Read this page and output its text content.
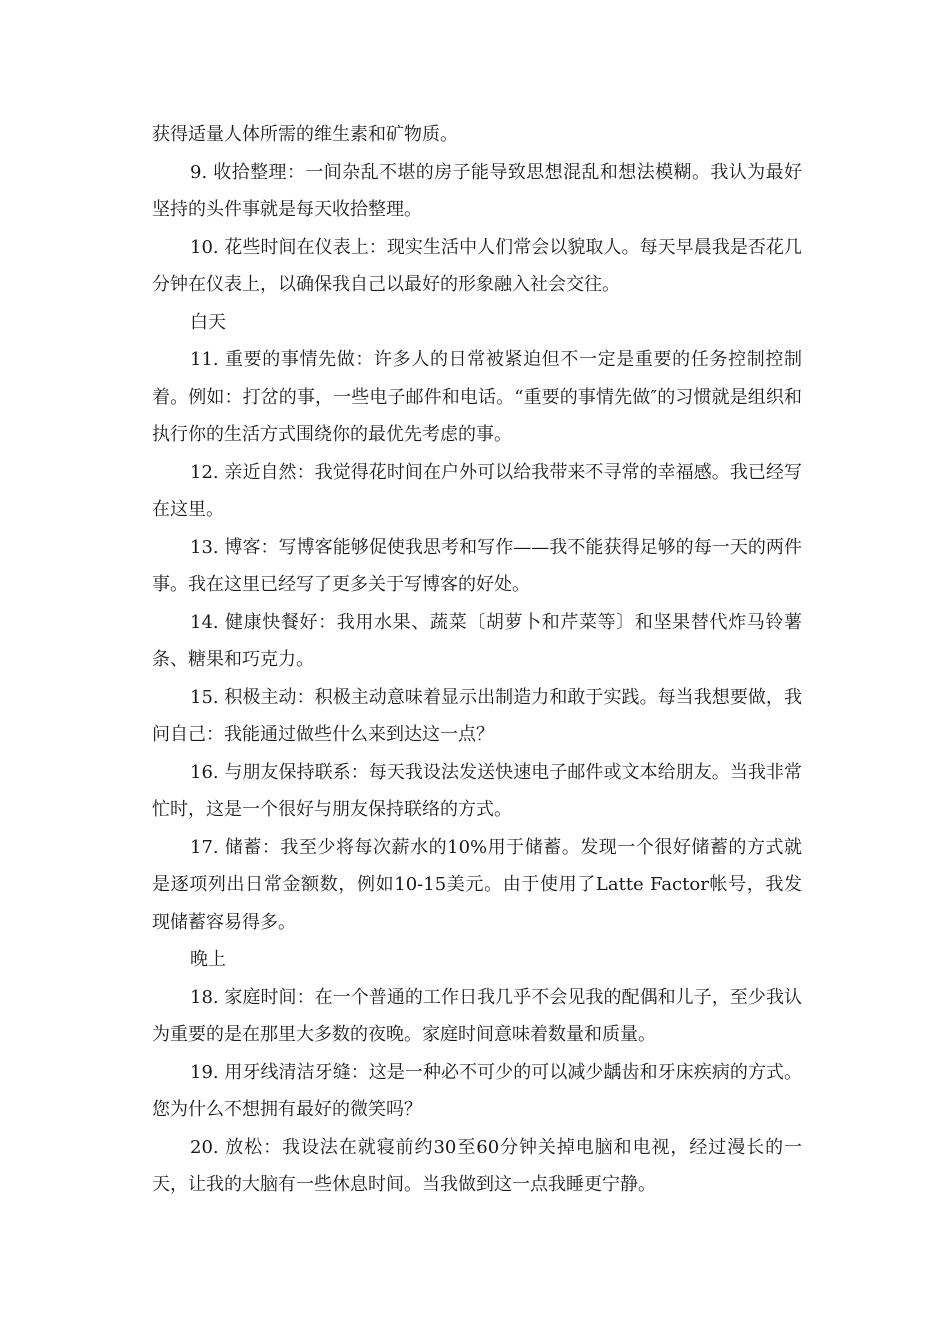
获得适量人体所需的维生素和矿物质。

9. 收拾整理：一间杂乱不堪的房子能导致思想混乱和想法模糊。我认为最好坚持的头件事就是每天收拾整理。

10. 花些时间在仪表上：现实生活中人们常会以貌取人。每天早晨我是否花几分钟在仪表上，以确保我自己以最好的形象融入社会交往。

白天

11. 重要的事情先做：许多人的日常被紧迫但不一定是重要的任务控制控制着。例如：打岔的事，一些电子邮件和电话。“重要的事情先做″的习惯就是组织和执行你的生活方式围绕你的最优先考虑的事。

12. 亲近自然：我觉得花时间在户外可以给我带来不寻常的幸福感。我已经写在这里。

13. 博客：写博客能够促使我思考和写作——我不能获得足够的每一天的两件事。我在这里已经写了更多关于写博客的好处。

14. 健康快餐好：我用水果、蔬菜〔胡萝卜和芹菜等〕和坚果替代炸马铃薯条、糖果和巧克力。

15. 积极主动：积极主动意味着显示出制造力和敢于实践。每当我想要做，我问自己：我能通过做些什么来到达这一点？

16. 与朋友保持联系：每天我设法发送快速电子邮件或文本给朋友。当我非常忙时，这是一个很好与朋友保持联络的方式。

17. 储蓄：我至少将每次薪水的10%用于储蓄。发现一个很好储蓄的方式就是逐项列出日常金额数，例如10-15美元。由于使用了Latte Factor帐号，我发现储蓄容易得多。

晚上

18. 家庭时间：在一个普通的工作日我几乎不会见我的配偶和儿子，至少我认为重要的是在那里大多数的夜晚。家庭时间意味着数量和质量。

19. 用牙线清洁牙缝：这是一种必不可少的可以减少龋齿和牙床疾病的方式。您为什么不想拥有最好的微笑吗？

20. 放松：我设法在就寝前约30至60分钟关掉电脑和电视，经过漫长的一天，让我的大脑有一些休息时间。当我做到这一点我睡更宁静。
